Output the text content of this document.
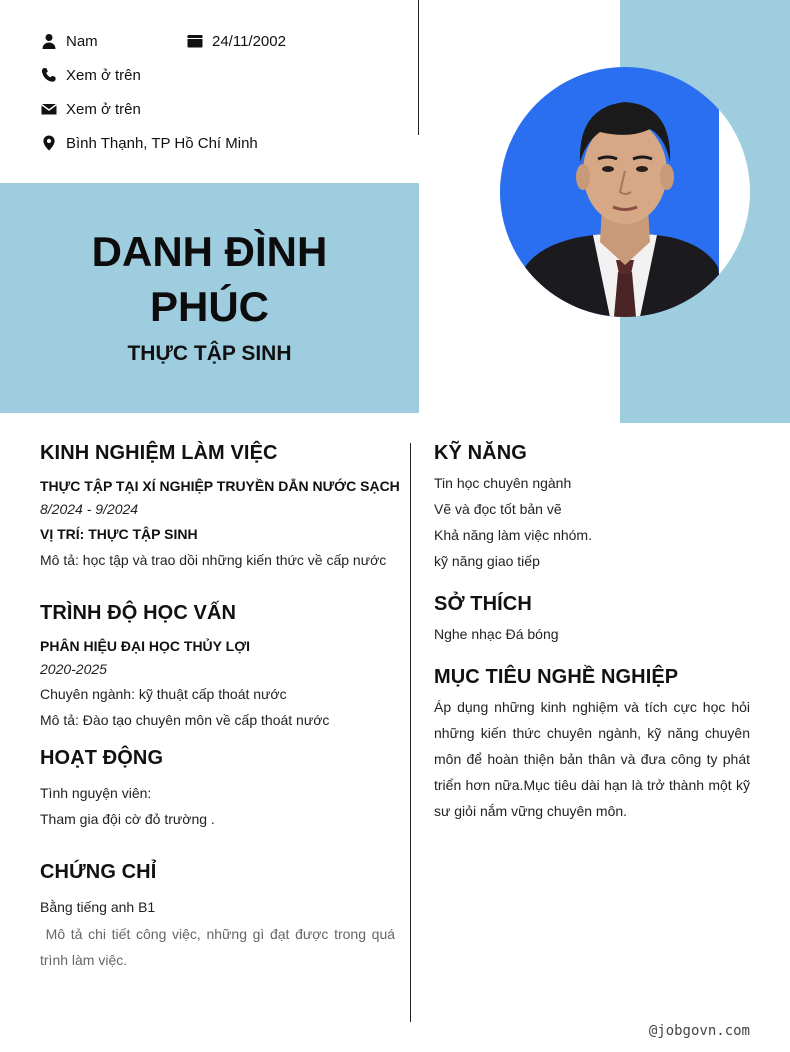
Nam	24/11/2002
Xem ở trên
Xem ở trên
Bình Thạnh, TP Hồ Chí Minh
DANH ĐÌNH
PHÚC
THỰC TẬP SINH
KINH NGHIỆM LÀM VIỆC
THỰC TẬP TẠI XÍ NGHIỆP TRUYỀN DẪN NƯỚC SẠCH
8/2024 - 9/2024
VỊ TRÍ: THỰC TẬP SINH
Mô tả: học tập và trao dồi những kiến thức về cấp nước
TRÌNH ĐỘ HỌC VẤN
PHÂN HIỆU ĐẠI HỌC THỦY LỢI
2020-2025
Chuyên ngành: kỹ thuật cấp thoát nước
Mô tả: Đào tạo chuyên môn về cấp thoát nước
HOẠT ĐỘNG
Tình nguyện viên:
Tham gia đội cờ đỏ trường .
CHỨNG CHỈ
Bằng tiếng anh B1
Mô tả chi tiết công việc, những gì đạt được trong quá trình làm việc.
KỸ NĂNG
Tin học chuyên ngành
Vẽ và đọc tốt bản vẽ
Khả năng làm việc nhóm.
kỹ năng giao tiếp
SỞ THÍCH
Nghe nhạc Đá bóng
MỤC TIÊU NGHỀ NGHIỆP
Áp dụng những kinh nghiệm và tích cực học hỏi những kiến thức chuyên ngành, kỹ năng chuyên môn để hoàn thiện bản thân và đưa công ty phát triển hơn nữa.Mục tiêu dài hạn là trở thành một kỹ sư giỏi nắm vững chuyên môn.
@jobgovn.com
